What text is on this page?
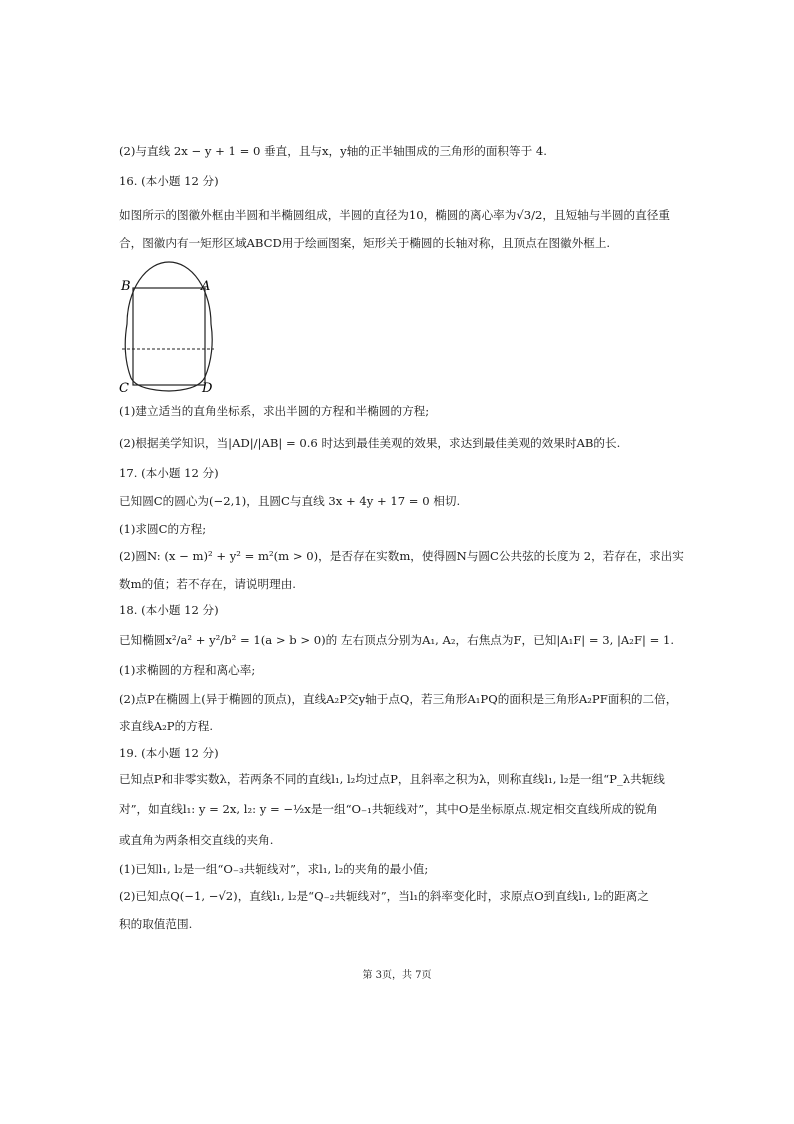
(2)与直线 2x − y + 1 = 0 垂直，且与x，y轴的正半轴围成的三角形的面积等于 4.
16. (本小题 12 分)
如图所示的图徽外框由半圆和半椭圆组成，半圆的直径为10，椭圆的离心率为√3/2，且短轴与半圆的直径重
合，图徽内有一矩形区域ABCD用于绘画图案，矩形关于椭圆的长轴对称，且顶点在图徽外框上.
B	A
C	D
(1)建立适当的直角坐标系，求出半圆的方程和半椭圆的方程;
(2)根据美学知识，当|AD|/|AB| = 0.6 时达到最佳美观的效果，求达到最佳美观的效果时AB的长.
17. (本小题 12 分)
已知圆C的圆心为(−2,1)，且圆C与直线 3x + 4y + 17 = 0 相切.
(1)求圆C的方程;
(2)圆N: (x − m)² + y² = m²(m > 0)，是否存在实数m，使得圆N与圆C公共弦的长度为 2，若存在，求出实
数m的值；若不存在，请说明理由.
18. (本小题 12 分)
已知椭圆x²/a² + y²/b² = 1(a > b > 0)的 左右顶点分别为A₁, A₂，右焦点为F，已知|A₁F| = 3, |A₂F| = 1.
(1)求椭圆的方程和离心率;
(2)点P在椭圆上(异于椭圆的顶点)，直线A₂P交y轴于点Q，若三角形A₁PQ的面积是三角形A₂PF面积的二倍，
求直线A₂P的方程.
19. (本小题 12 分)
已知点P和非零实数λ，若两条不同的直线l₁, l₂均过点P，且斜率之积为λ，则称直线l₁, l₂是一组“P_λ共轭线
对”，如直线l₁: y = 2x, l₂: y = −½x是一组“O₋₁共轭线对”，其中O是坐标原点.规定相交直线所成的锐角
或直角为两条相交直线的夹角.
(1)已知l₁, l₂是一组“O₋₃共轭线对”，求l₁, l₂的夹角的最小值;
(2)已知点Q(−1, −√2)，直线l₁, l₂是“Q₋₂共轭线对”，当l₁的斜率变化时，求原点O到直线l₁, l₂的距离之
积的取值范围.
第 3页，共 7页
